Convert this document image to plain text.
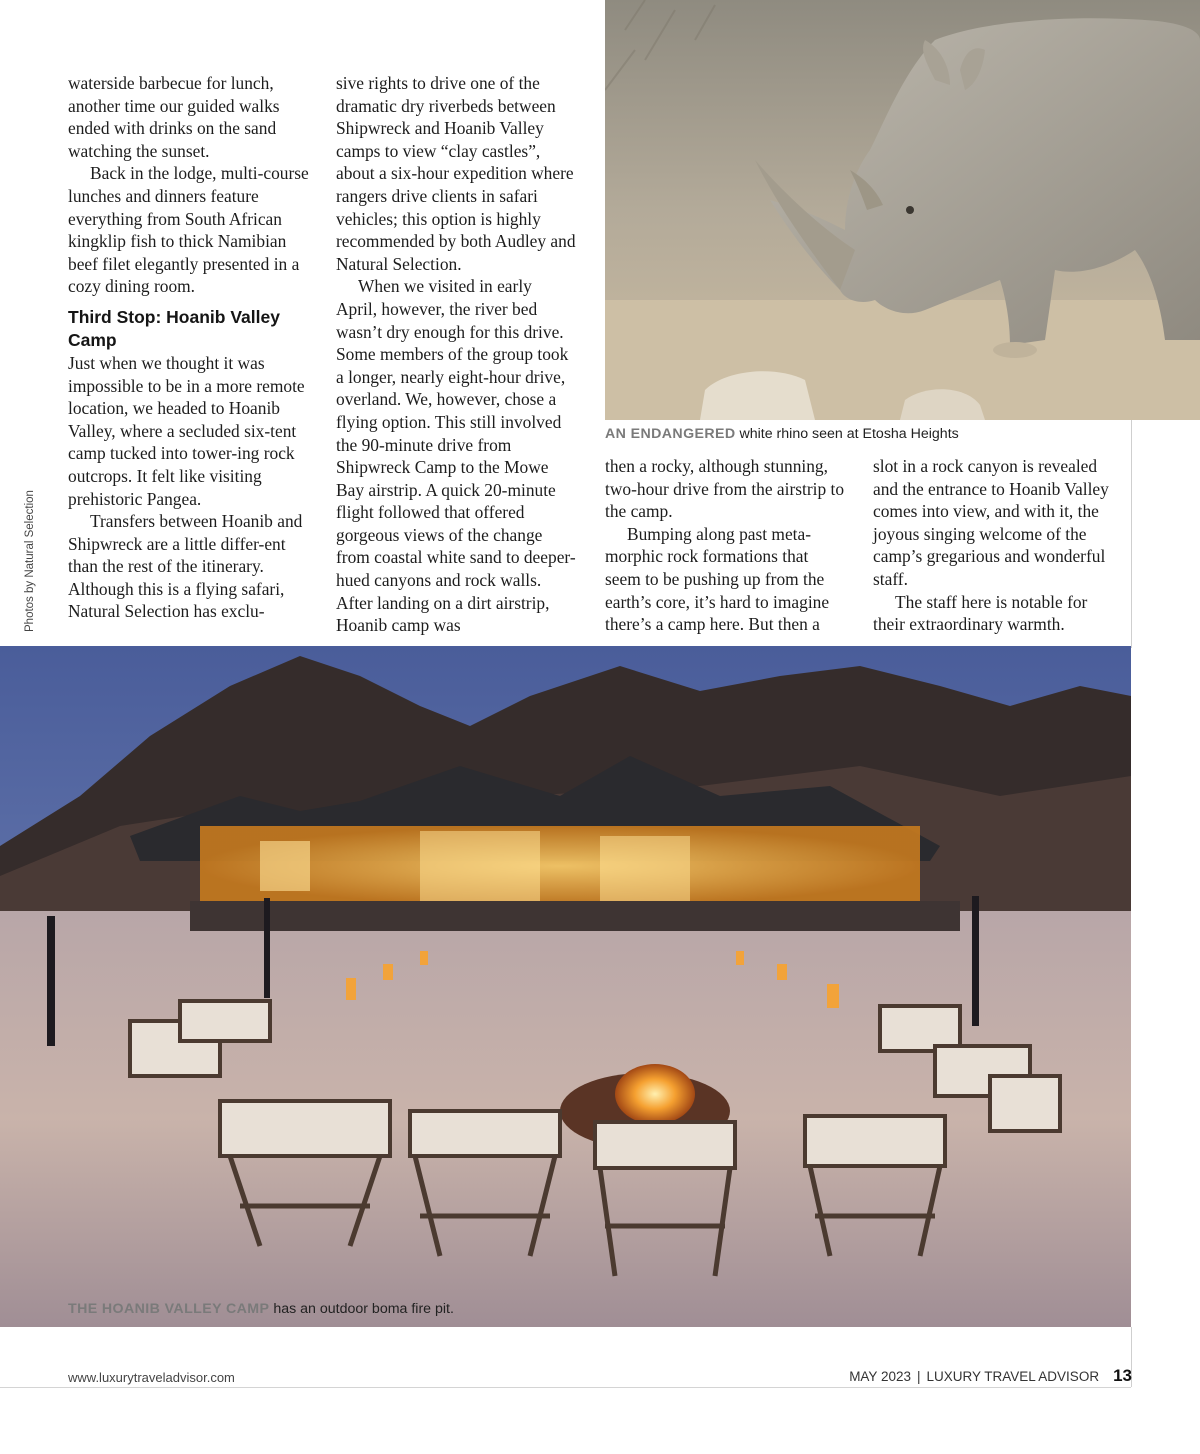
waterside barbecue for lunch, another time our guided walks ended with drinks on the sand watching the sunset.

Back in the lodge, multi-course lunches and dinners feature everything from South African kingklip fish to thick Namibian beef filet elegantly presented in a cozy dining room.

Third Stop: Hoanib Valley Camp

Just when we thought it was impossible to be in a more remote location, we headed to Hoanib Valley, where a secluded six-tent camp tucked into tower-ing rock outcrops. It felt like visiting prehistoric Pangea.

Transfers between Hoanib and Shipwreck are a little differ-ent than the rest of the itinerary. Although this is a flying safari, Natural Selection has exclu-

sive rights to drive one of the dramatic dry riverbeds between Shipwreck and Hoanib Valley camps to view “clay castles”, about a six-hour expedition where rangers drive clients in safari vehicles; this option is highly recommended by both Audley and Natural Selection.

When we visited in early April, however, the river bed wasn’t dry enough for this drive. Some members of the group took a longer, nearly eight-hour drive, overland. We, however, chose a flying option. This still involved the 90-minute drive from Shipwreck Camp to the Mowe Bay airstrip. A quick 20-minute flight followed that offered gorgeous views of the change from coastal white sand to deeper-hued canyons and rock walls. After landing on a dirt airstrip, Hoanib camp was

then a rocky, although stunning, two-hour drive from the airstrip to the camp.

Bumping along past meta-morphic rock formations that seem to be pushing up from the earth’s core, it’s hard to imagine there’s a camp here. But then a

slot in a rock canyon is revealed and the entrance to Hoanib Valley comes into view, and with it, the joyous singing welcome of the camp’s gregarious and wonderful staff.

The staff here is notable for their extraordinary warmth.

Photos by Natural Selection
AN ENDANGERED white rhino seen at Etosha Heights
THE HOANIB VALLEY CAMP has an outdoor boma fire pit.
www.luxurytraveladvisor.com	MAY 2023 | LUXURY TRAVEL ADVISOR 13
